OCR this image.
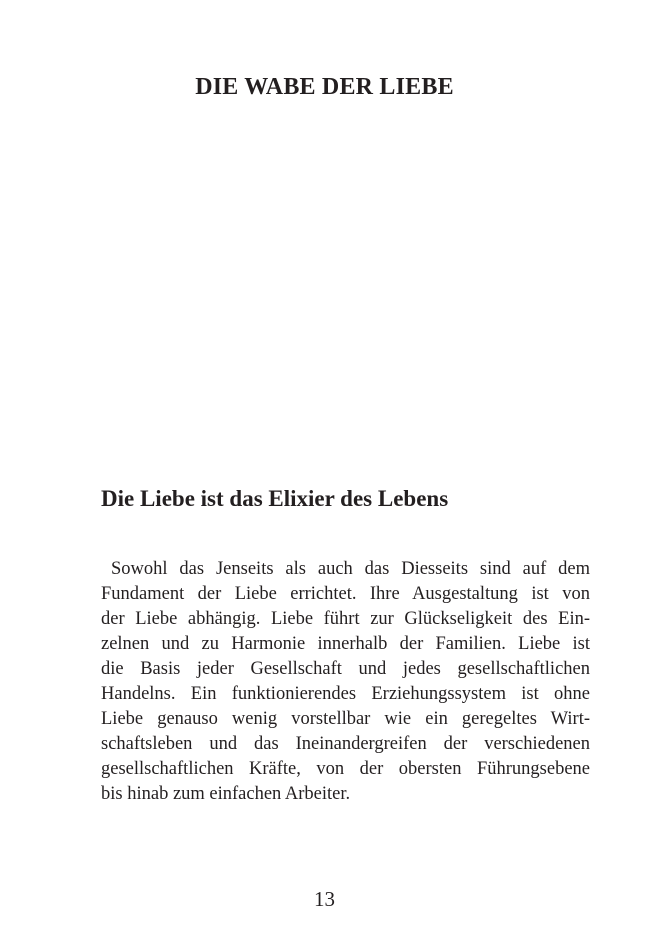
DIE WABE DER LIEBE
Die Liebe ist das Elixier des Lebens

Sowohl das Jenseits als auch das Diesseits sind auf dem
Fundament der Liebe errichtet. Ihre Ausgestaltung ist von
der Liebe abhängig. Liebe führt zur Glückseligkeit des Ein-
zelnen und zu Harmonie innerhalb der Familien. Liebe ist
die Basis jeder Gesellschaft und jedes gesellschaftlichen
Handelns. Ein funktionierendes Erziehungssystem ist ohne
Liebe genauso wenig vorstellbar wie ein geregeltes Wirt-
schaftsleben und das Ineinandergreifen der verschiedenen
gesellschaftlichen Kräfte, von der obersten Führungsebene
bis hinab zum einfachen Arbeiter.

13
